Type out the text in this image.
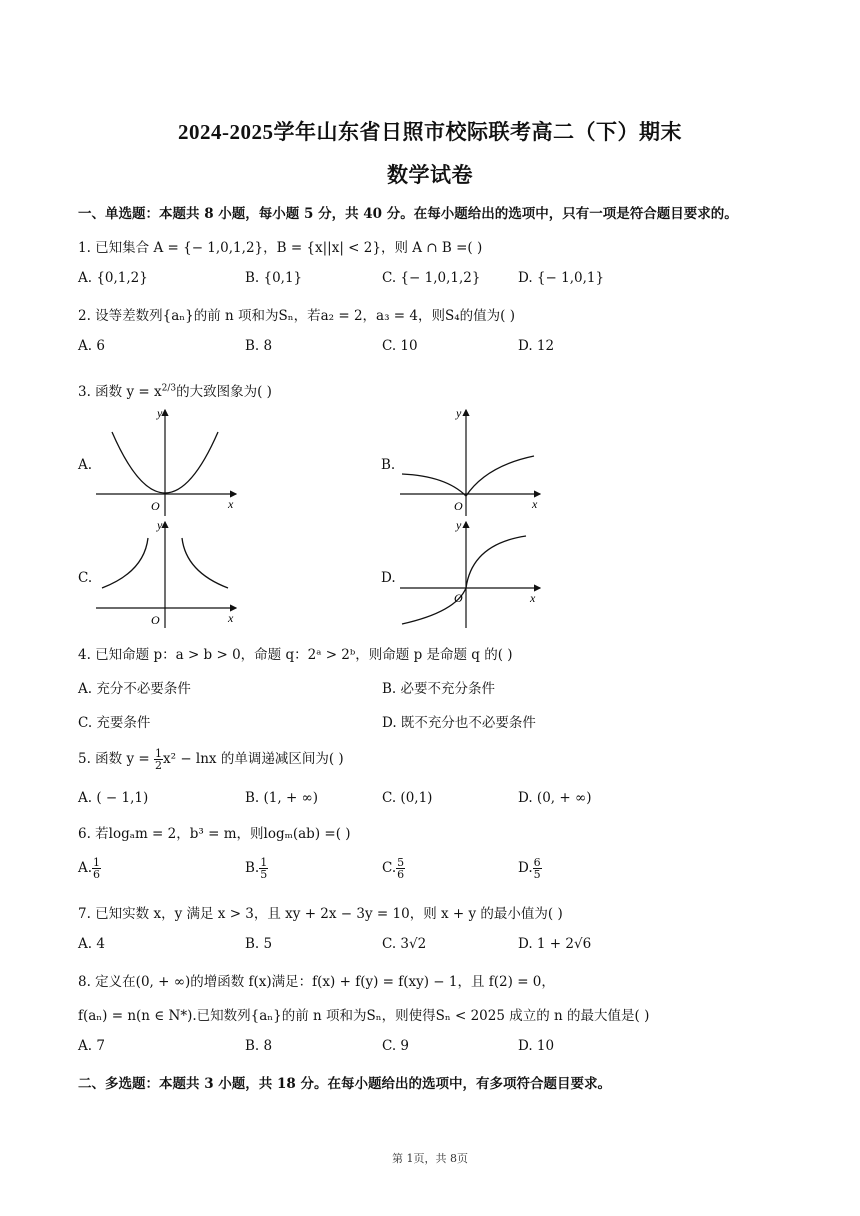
2024-2025学年山东省日照市校际联考高二（下）期末
数学试卷
一、单选题：本题共 8 小题，每小题 5 分，共 40 分。在每小题给出的选项中，只有一项是符合题目要求的。
1. 已知集合 A = {− 1,0,1,2}，B = {x||x| < 2}，则 A ∩ B =( )
A. {0,1,2}	B. {0,1}	C. {− 1,0,1,2}	D. {− 1,0,1}
2. 设等差数列{aₙ}的前 n 项和为Sₙ，若a₂ = 2，a₃ = 4，则S₄的值为( )
A. 6	B. 8	C. 10	D. 12
3. 函数 $y = x^{2/3}$的大致图象为( )
A.	B.
C.	D.
y
x
O
y
x
O
y
x
O
y
x
O
4. 已知命题 p：a > b > 0，命题 q：2ᵃ > 2ᵇ，则命题 p 是命题 q 的( )
A. 充分不必要条件	B. 必要不充分条件
C. 充要条件	D. 既不充分也不必要条件
5. 函数 $y = \frac{1}{2} x^2 - \ln x$ 的单调递减区间为( )
A. ( − 1,1)	B. (1, + ∞)	C. (0,1)	D. (0, + ∞)
6. 若logₐm = 2，b³ = m，则logₘ(ab) =( )
A. $\frac{1}{6}$	B. $\frac{1}{5}$	C. $\frac{5}{6}$	D. $\frac{6}{5}$
7. 已知实数 x，y 满足 x > 3，且 xy + 2x − 3y = 10，则 x + y 的最小值为( )
A. 4	B. 5	C. 3√2	D. 1 + 2√6
8. 定义在(0, + ∞)的增函数 f(x)满足：f(x) + f(y) = f(xy) − 1，且 f(2) = 0，
f(aₙ) = n(n ∈ N*).已知数列{aₙ}的前 n 项和为Sₙ，则使得Sₙ < 2025 成立的 n 的最大值是( )
A. 7	B. 8	C. 9	D. 10
二、多选题：本题共 3 小题，共 18 分。在每小题给出的选项中，有多项符合题目要求。
第 1页，共 8页
